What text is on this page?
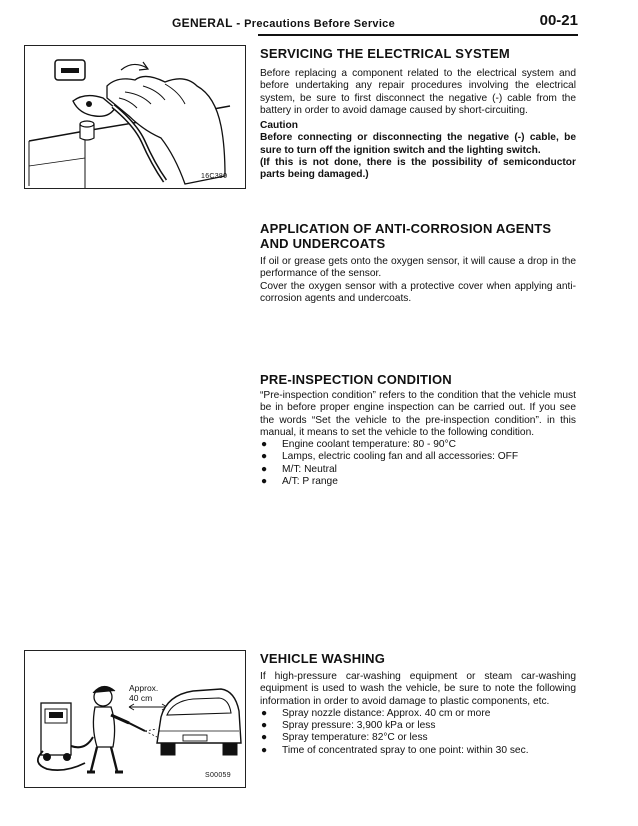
GENERAL - Precautions Before Service	00-21
16C380
SERVICING THE ELECTRICAL SYSTEM

Before replacing a component related to the electrical system and before undertaking any repair procedures involving the electrical system, be sure to first disconnect the negative (-) cable from the battery in order to avoid damage caused by short-circuiting.

Caution

Before connecting or disconnecting the negative (-) cable, be sure to turn off the ignition switch and the lighting switch.

(If this is not done, there is the possibility of semiconductor parts being damaged.)

APPLICATION OF ANTI-CORROSION AGENTS
AND UNDERCOATS

If oil or grease gets onto the oxygen sensor, it will cause a drop in the performance of the sensor.

Cover the oxygen sensor with a protective cover when applying anti-corrosion agents and undercoats.

PRE-INSPECTION CONDITION

“Pre-inspection condition” refers to the condition that the vehicle must be in before proper engine inspection can be carried out. If you see the words “Set the vehicle to the pre-inspection condition”. in this manual, it means to set the vehicle to the following condition.

● Engine coolant temperature: 80 - 90°C
● Lamps, electric cooling fan and all accessories: OFF
● M/T: Neutral
● A/T: P range
Approx.
40 cm
S00059
VEHICLE WASHING

If high-pressure car-washing equipment or steam car-washing equipment is used to wash the vehicle, be sure to note the following information in order to avoid damage to plastic components, etc.

● Spray nozzle distance: Approx. 40 cm or more
● Spray pressure: 3,900 kPa or less
● Spray temperature: 82°C or less
● Time of concentrated spray to one point: within 30 sec.
